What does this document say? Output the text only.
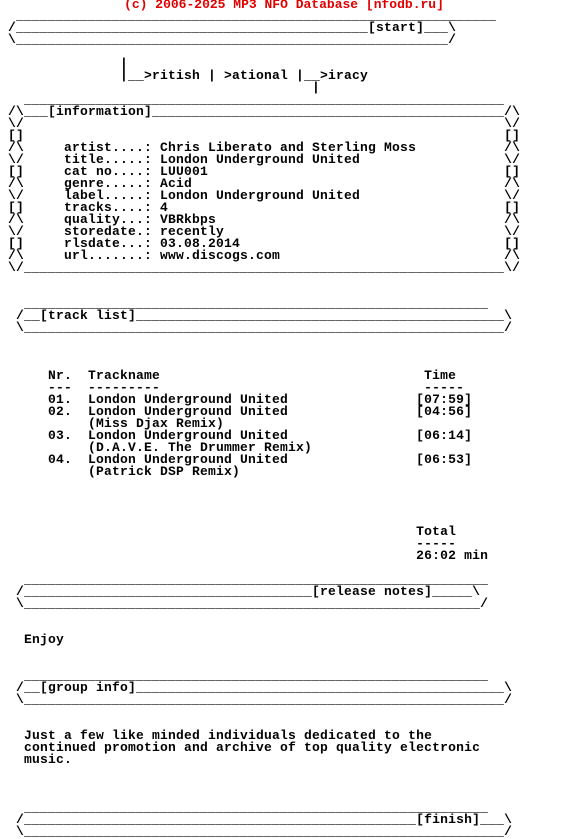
(c) 2006-2025 MP3 NFO Database [nfodb.ru]
____________________________________________________________
/____________________________________________[start]___\
\______________________________________________________/

|
|__>ritish | >ational |__>iracy
|
____________________________________________________________
/\___[information]____________________________________________/\
\/                                                            \/
[]                                                            []
/\     artist....: Chris Liberato and Sterling Moss           /\
\/     title.....: London Underground United                  \/
[]     cat no....: LUU001                                     []
/\     genre.....: Acid                                       /\
\/     label.....: London Underground United                  \/
[]     tracks....: 4                                          []
/\     quality...: VBRkbps                                    /\
\/     storedate.: recently                                   \/
[]     rlsdate...: 03.08.2014                                 []
/\     url.......: www.discogs.com                            /\
\/____________________________________________________________\/

__________________________________________________________
/__[track list]______________________________________________\
\____________________________________________________________/

Nr.  Trackname                                 Time
---  ---------                                 -----
01.  London Underground United                [07:59]
02.  London Underground United                [04:56]
(Miss Djax Remix)
03.  London Underground United                [06:14]
(D.A.V.E. The Drummer Remix)
04.  London Underground United                [06:53]
(Patrick DSP Remix)

Total
-----
26:02 min

__________________________________________________________
/____________________________________[release notes]_____\
\_________________________________________________________/

Enjoy

__________________________________________________________
/__[group info]______________________________________________\
\____________________________________________________________/

Just a few like minded individuals dedicated to the
continued promotion and archive of top quality electronic
music.

__________________________________________________________
/_________________________________________________[finish]___\
\____________________________________________________________/
